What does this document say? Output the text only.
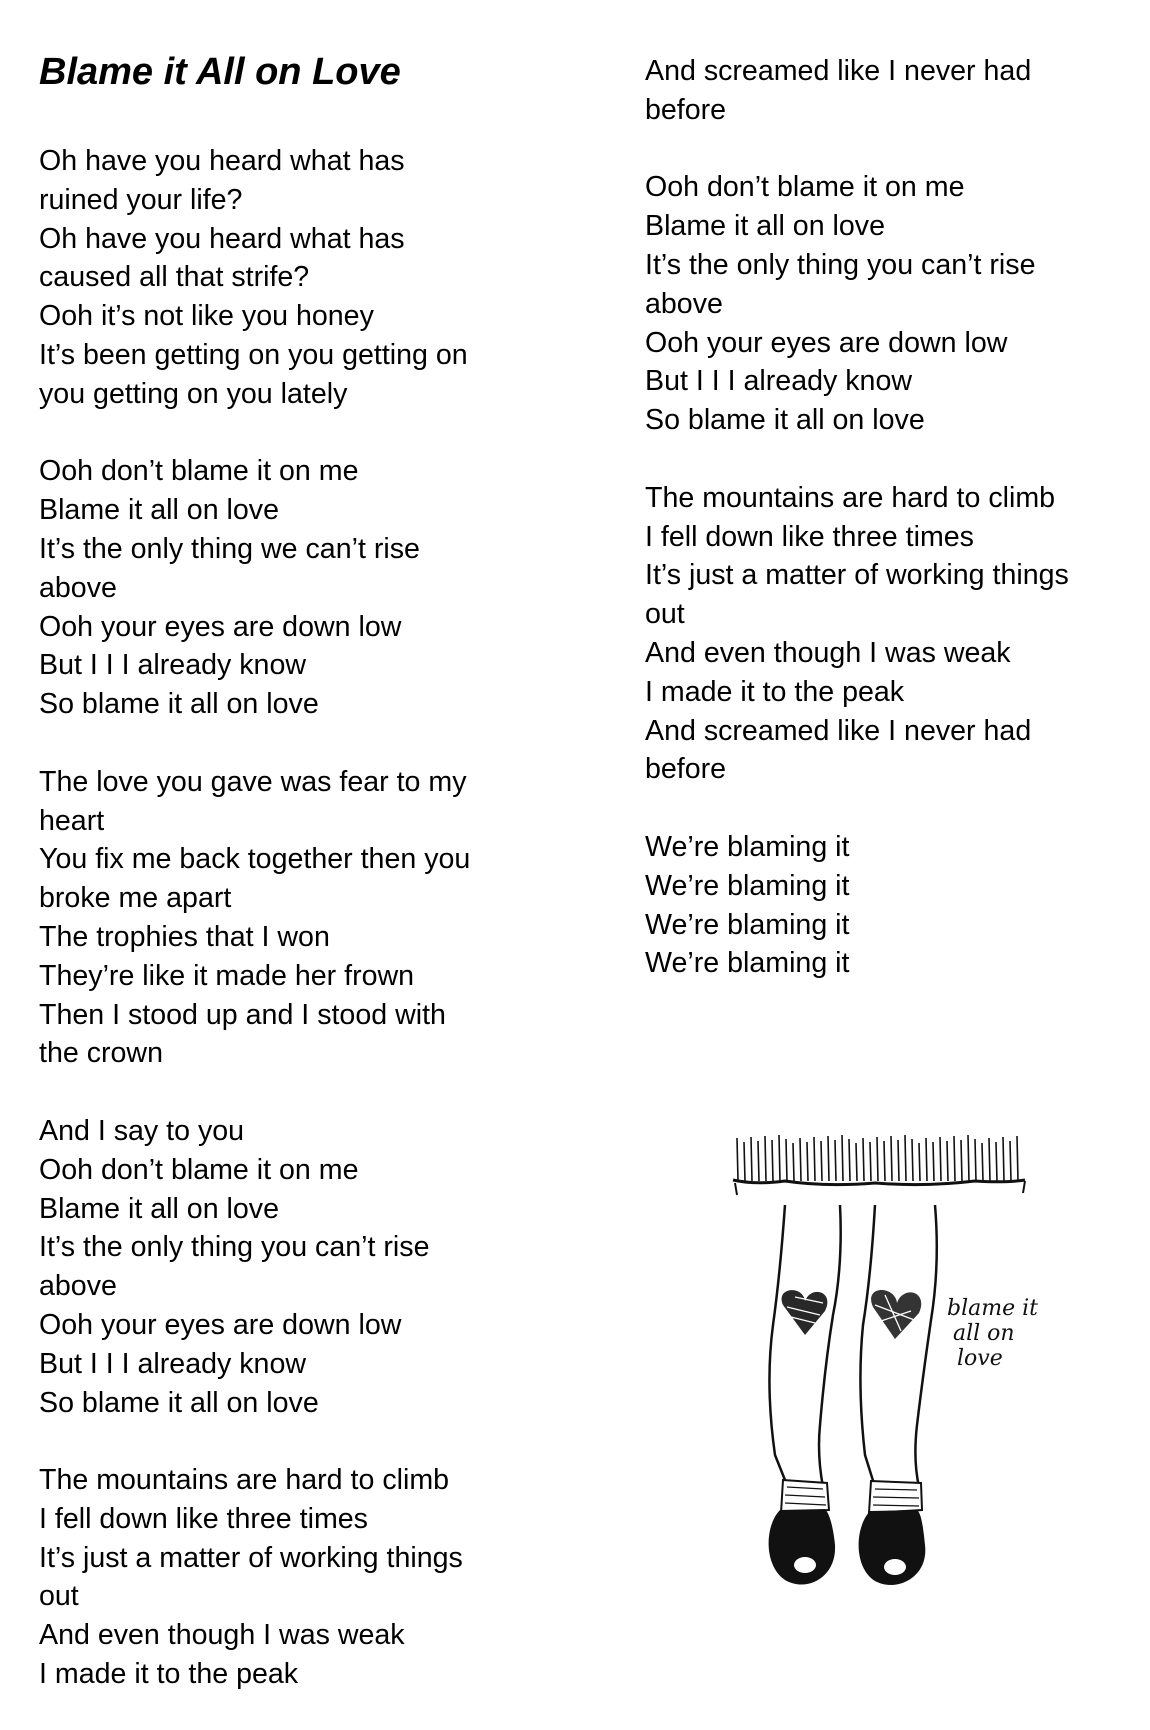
Blame it All on Love
Oh have you heard what has
ruined your life?
Oh have you heard what has
caused all that strife?
Ooh it’s not like you honey
It’s been getting on you getting on
you getting on you lately
Ooh don’t blame it on me
Blame it all on love
It’s the only thing we can’t rise
above
Ooh your eyes are down low
But I I I already know
So blame it all on love
The love you gave was fear to my
heart
You fix me back together then you
broke me apart
The trophies that I won
They’re like it made her frown
Then I stood up and I stood with
the crown
And I say to you
Ooh don’t blame it on me
Blame it all on love
It’s the only thing you can’t rise
above
Ooh your eyes are down low
But I I I already know
So blame it all on love
The mountains are hard to climb
I fell down like three times
It’s just a matter of working things
out
And even though I was weak
I made it to the peak
And screamed like I never had
before
Ooh don’t blame it on me
Blame it all on love
It’s the only thing you can’t rise
above
Ooh your eyes are down low
But I I I already know
So blame it all on love
The mountains are hard to climb
I fell down like three times
It’s just a matter of working things
out
And even though I was weak
I made it to the peak
And screamed like I never had
before
We’re blaming it
We’re blaming it
We’re blaming it
We’re blaming it
blame it
all on
love
